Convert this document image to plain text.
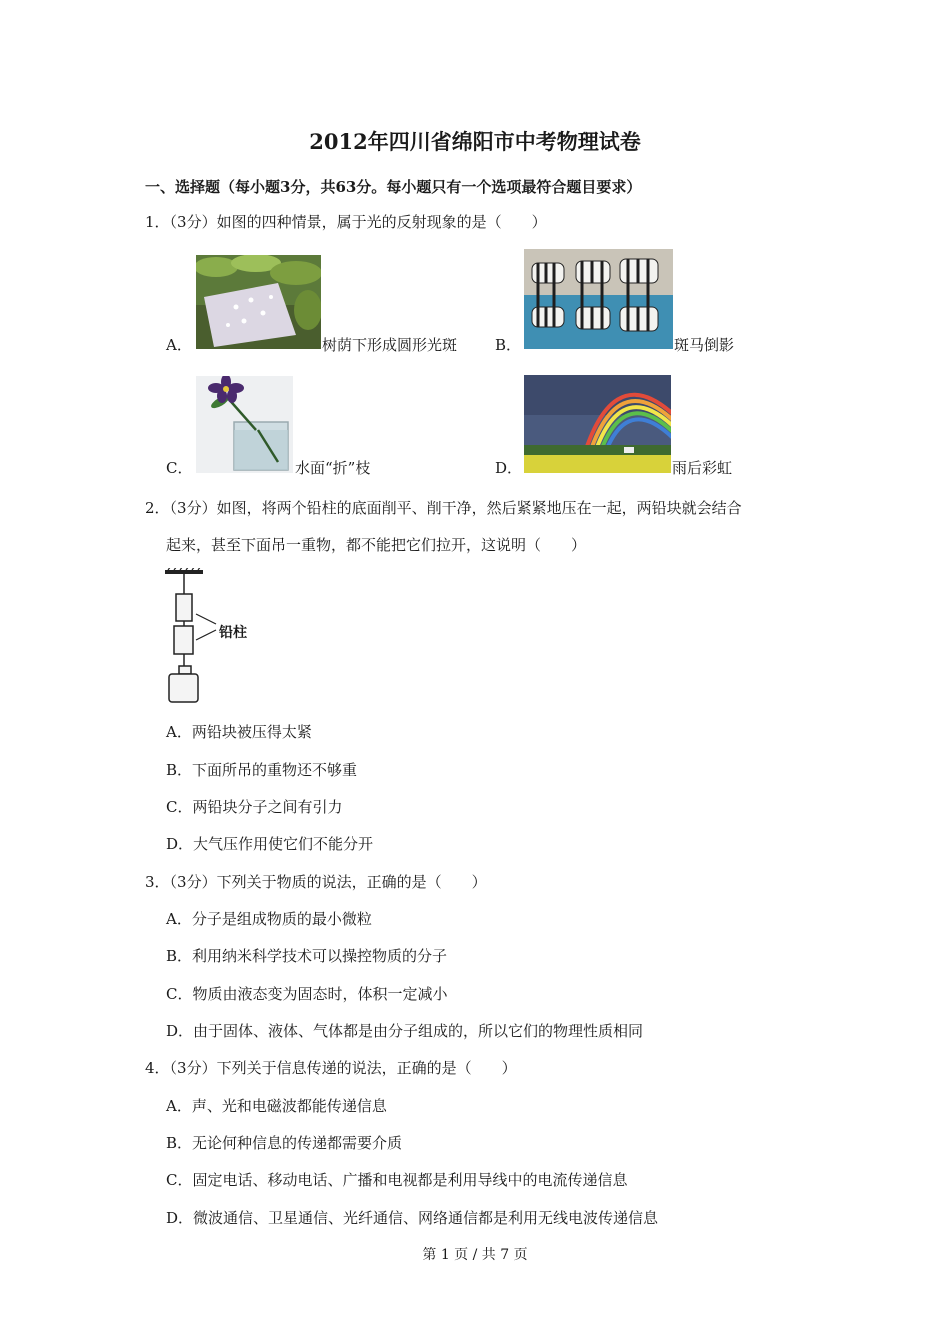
2012年四川省绵阳市中考物理试卷
一、选择题（每小题3分，共63分。每小题只有一个选项最符合题目要求）
1．（3分）如图的四种情景，属于光的反射现象的是（　　）
A．	树荫下形成圆形光斑	B．	斑马倒影
C．	水面“折”枝	D．	雨后彩虹
2．（3分）如图，将两个铅柱的底面削平、削干净，然后紧紧地压在一起，两铅块就会结合
起来，甚至下面吊一重物，都不能把它们拉开，这说明（　　）
铅柱
A．两铅块被压得太紧
B．下面所吊的重物还不够重
C．两铅块分子之间有引力
D．大气压作用使它们不能分开
3．（3分）下列关于物质的说法，正确的是（　　）
A．分子是组成物质的最小微粒
B．利用纳米科学技术可以操控物质的分子
C．物质由液态变为固态时，体积一定减小
D．由于固体、液体、气体都是由分子组成的，所以它们的物理性质相同
4．（3分）下列关于信息传递的说法，正确的是（　　）
A．声、光和电磁波都能传递信息
B．无论何种信息的传递都需要介质
C．固定电话、移动电话、广播和电视都是利用导线中的电流传递信息
D．微波通信、卫星通信、光纤通信、网络通信都是利用无线电波传递信息
第 1 页 / 共 7 页
